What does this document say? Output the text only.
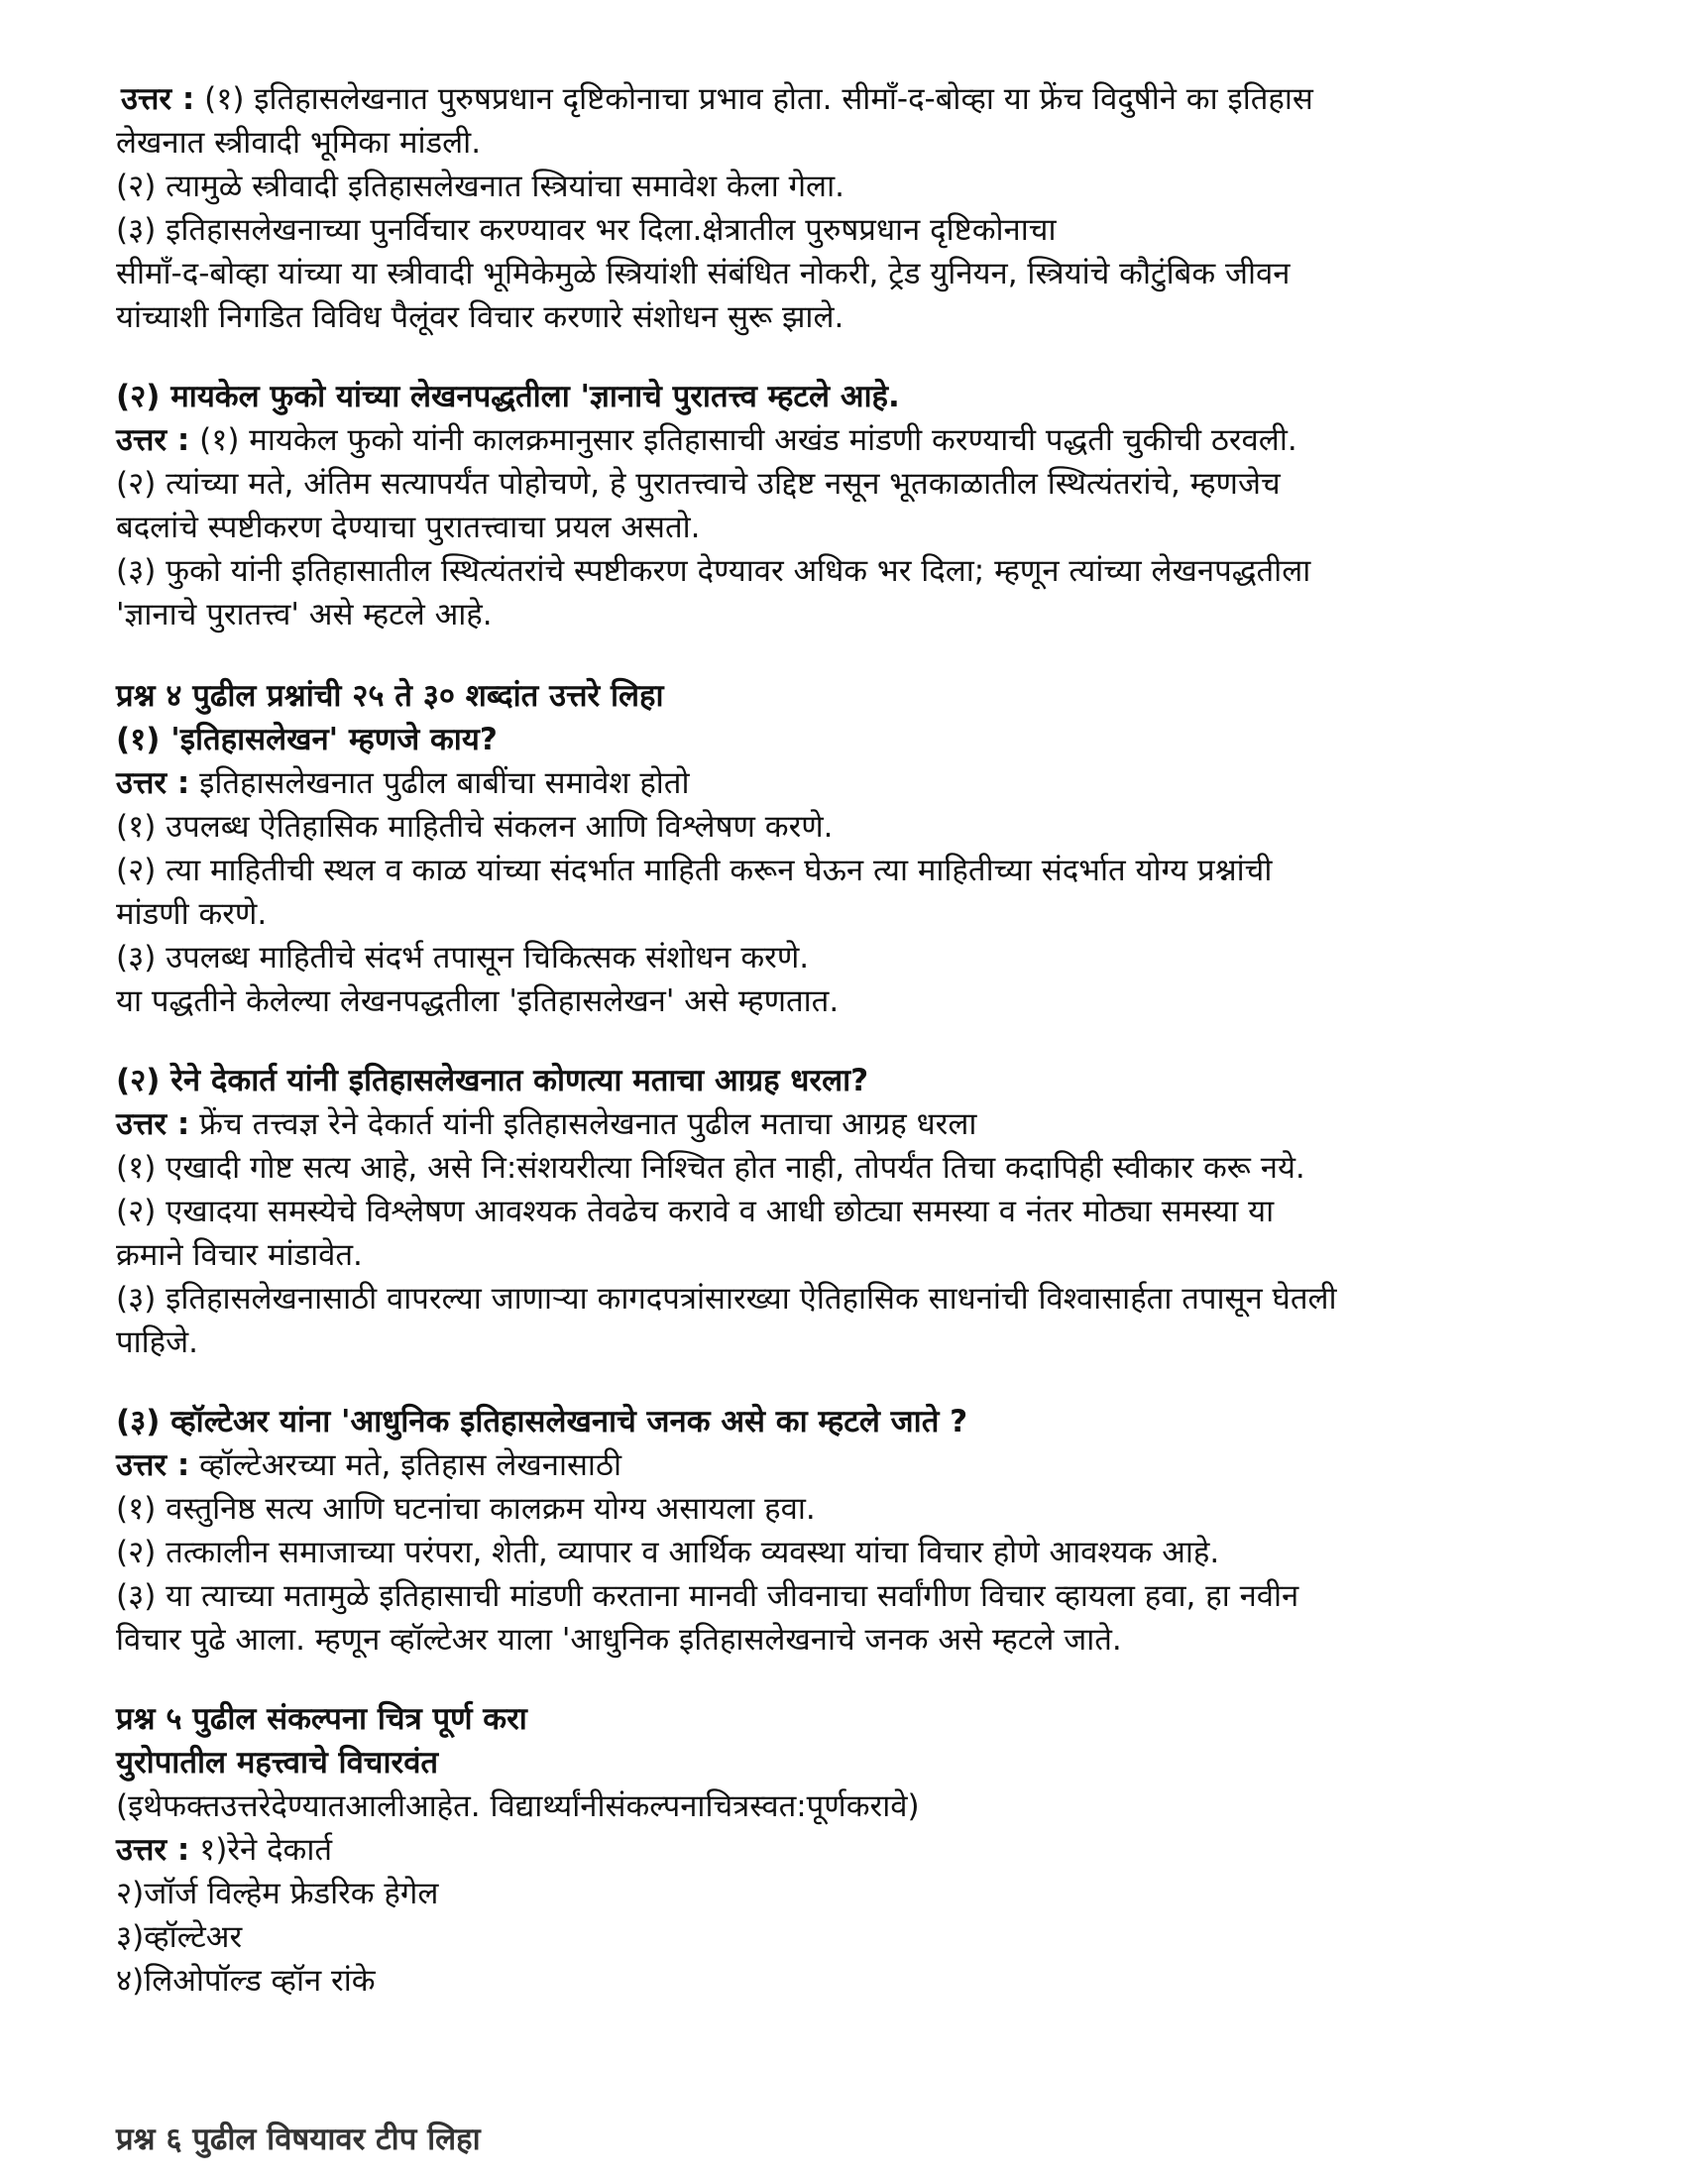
उत्तर : (१) इतिहासलेखनात पुरुषप्रधान दृष्टिकोनाचा प्रभाव होता. सीमॉं-द-बोव्हा या फ्रेंच विदुषीने का इतिहास
लेखनात स्त्रीवादी भूमिका मांडली.
(२) त्यामुळे स्त्रीवादी इतिहासलेखनात स्त्रियांचा समावेश केला गेला.
(३) इतिहासलेखनाच्या पुनर्विचार करण्यावर भर दिला.क्षेत्रातील पुरुषप्रधान दृष्टिकोनाचा
सीमॉं-द-बोव्हा यांच्या या स्त्रीवादी भूमिकेमुळे स्त्रियांशी संबंधित नोकरी, ट्रेड युनियन, स्त्रियांचे कौटुंबिक जीवन
यांच्याशी निगडित विविध पैलूंवर विचार करणारे संशोधन सुरू झाले.
(२) मायकेल फुको यांच्या लेखनपद्धतीला 'ज्ञानाचे पुरातत्त्व म्हटले आहे.
उत्तर : (१) मायकेल फुको यांनी कालक्रमानुसार इतिहासाची अखंड मांडणी करण्याची पद्धती चुकीची ठरवली.
(२) त्यांच्या मते, अंतिम सत्यापर्यंत पोहोचणे, हे पुरातत्त्वाचे उद्दिष्ट नसून भूतकाळातील स्थित्यंतरांचे, म्हणजेच
बदलांचे स्पष्टीकरण देण्याचा पुरातत्त्वाचा प्रयल असतो.
(३) फुको यांनी इतिहासातील स्थित्यंतरांचे स्पष्टीकरण देण्यावर अधिक भर दिला; म्हणून त्यांच्या लेखनपद्धतीला
'ज्ञानाचे पुरातत्त्व' असे म्हटले आहे.
प्रश्न ४ पुढील प्रश्नांची २५ ते ३० शब्दांत उत्तरे लिहा
(१) 'इतिहासलेखन' म्हणजे काय?
उत्तर : इतिहासलेखनात पुढील बाबींचा समावेश होतो
(१) उपलब्ध ऐतिहासिक माहितीचे संकलन आणि विश्लेषण करणे.
(२) त्या माहितीची स्थल व काळ यांच्या संदर्भात माहिती करून घेऊन त्या माहितीच्या संदर्भात योग्य प्रश्नांची
मांडणी करणे.
(३) उपलब्ध माहितीचे संदर्भ तपासून चिकित्सक संशोधन करणे.
या पद्धतीने केलेल्या लेखनपद्धतीला 'इतिहासलेखन' असे म्हणतात.
(२) रेने देकार्त यांनी इतिहासलेखनात कोणत्या मताचा आग्रह धरला?
उत्तर : फ्रेंच तत्त्वज्ञ रेने देकार्त यांनी इतिहासलेखनात पुढील मताचा आग्रह धरला
(१) एखादी गोष्ट सत्य आहे, असे नि:संशयरीत्या निश्चित होत नाही, तोपर्यंत तिचा कदापिही स्वीकार करू नये.
(२) एखादया समस्येचे विश्लेषण आवश्यक तेवढेच करावे व आधी छोट्या समस्या व नंतर मोठ्या समस्या या
क्रमाने विचार मांडावेत.
(३) इतिहासलेखनासाठी वापरल्या जाणाऱ्या कागदपत्रांसारख्या ऐतिहासिक साधनांची विश्वासार्हता तपासून घेतली
पाहिजे.
(३) व्हॉल्टेअर यांना 'आधुनिक इतिहासलेखनाचे जनक असे का म्हटले जाते ?
उत्तर : व्हॉल्टेअरच्या मते, इतिहास लेखनासाठी
(१) वस्तुनिष्ठ सत्य आणि घटनांचा कालक्रम योग्य असायला हवा.
(२) तत्कालीन समाजाच्या परंपरा, शेती, व्यापार व आर्थिक व्यवस्था यांचा विचार होणे आवश्यक आहे.
(३) या त्याच्या मतामुळे इतिहासाची मांडणी करताना मानवी जीवनाचा सर्वांगीण विचार व्हायला हवा, हा नवीन
विचार पुढे आला. म्हणून व्हॉल्टेअर याला 'आधुनिक इतिहासलेखनाचे जनक असे म्हटले जाते.
प्रश्न ५ पुढील संकल्पना चित्र पूर्ण करा
युरोपातील महत्त्वाचे विचारवंत
(इथेफक्तउत्तरेदेण्यातआलीआहेत. विद्यार्थ्यांनीसंकल्पनाचित्रस्वत:पूर्णकरावे)
उत्तर : १)रेने देकार्त
२)जॉर्ज विल्हेम फ्रेडरिक हेगेल
३)व्हॉल्टेअर
४)लिओपॉल्ड व्हॉन रांके
प्रश्न ६ पुढील विषयावर टीप लिहा
